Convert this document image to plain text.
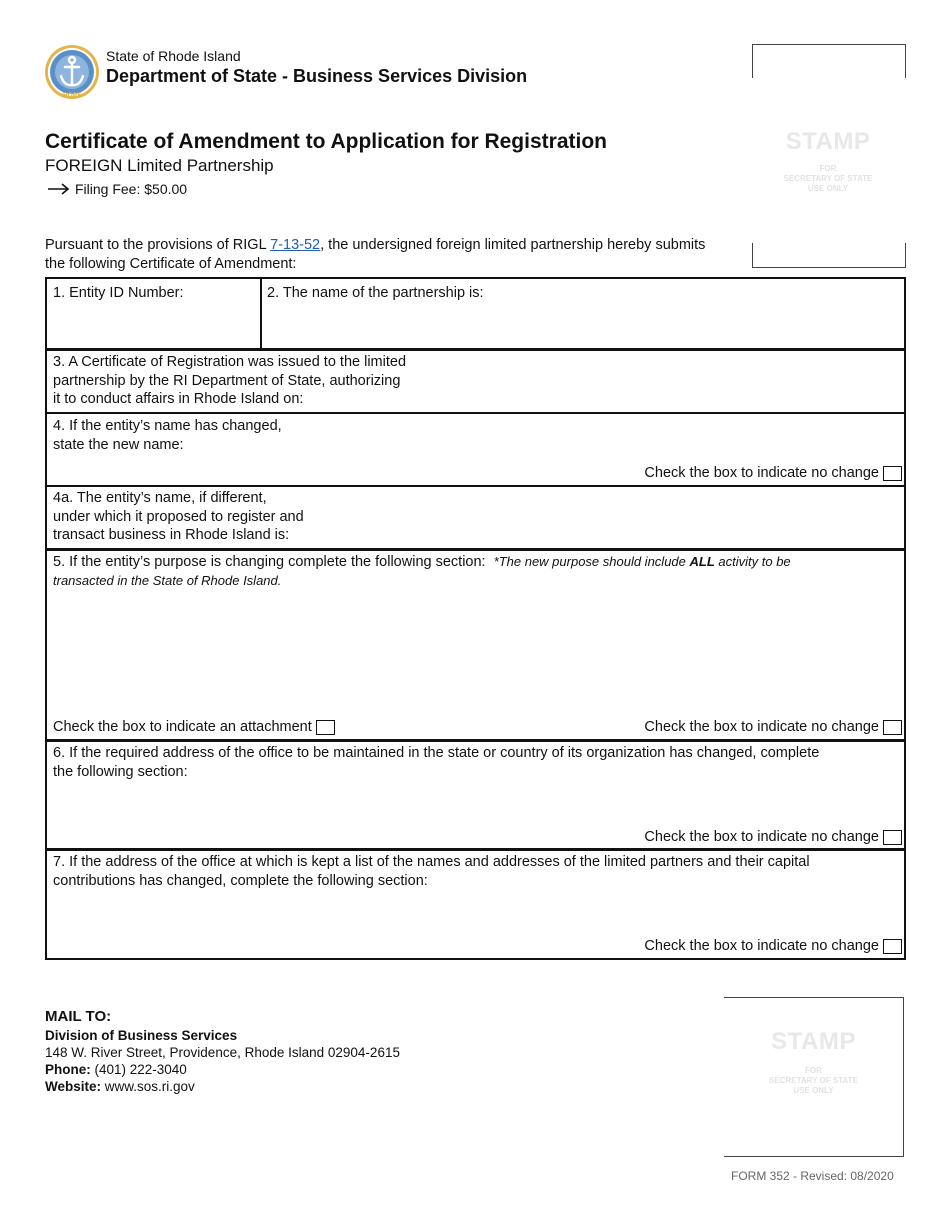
HOPE
State of Rhode Island
Department of State - Business Services Division
STAMP
FOR
SECRETARY OF STATE
USE ONLY
Certificate of Amendment to Application for Registration
FOREIGN Limited Partnership
Filing Fee: $50.00
Pursuant to the provisions of RIGL 7-13-52, the undersigned foreign limited partnership hereby submits the following Certificate of Amendment:
1. Entity ID Number:	2. The name of the partnership is:
3. A Certificate of Registration was issued to the limited
partnership by the RI Department of State, authorizing
it to conduct affairs in Rhode Island on:
4. If the entity’s name has changed,
state the new name:
Check the box to indicate no change
4a. The entity’s name, if different,
under which it proposed to register and
transact business in Rhode Island is:
5. If the entity’s purpose is changing complete the following section: *The new purpose should include ALL activity to be
transacted in the State of Rhode Island.
Check the box to indicate an attachment	Check the box to indicate no change
6. If the required address of the office to be maintained in the state or country of its organization has changed, complete
the following section:
Check the box to indicate no change
7. If the address of the office at which is kept a list of the names and addresses of the limited partners and their capital
contributions has changed, complete the following section:
Check the box to indicate no change
MAIL TO:
Division of Business Services
148 W. River Street, Providence, Rhode Island 02904-2615
Phone: (401) 222-3040
Website: www.sos.ri.gov
STAMP
FOR
SECRETARY OF STATE
USE ONLY
FORM 352 - Revised: 08/2020
